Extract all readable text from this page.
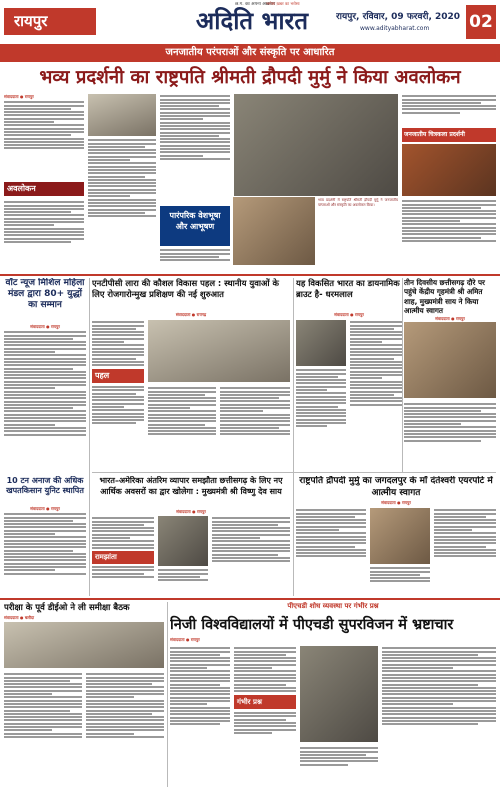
रायपुर
छ.ग. का अपना अख़बार
अदिति भारत
भरोसा ख़बर का भरोसा
रायपुर, रविवार, 09 फरवरी, 2020
www.adityabharat.com	02
जनजातीय परंपराओं और संस्कृति पर आधारित
भव्य प्रदर्शनी का राष्ट्रपति श्रीमती द्रौपदी मुर्मु ने किया अवलोकन
संवाददाता ● रायपुर
अवलोकन
पारंपरिक वेशभूषा और आभूषण
भव्य प्रदर्शनी में राष्ट्रपति श्रीमती द्रौपदी मुर्मु ने जनजातीय परंपराओं और संस्कृति का अवलोकन किया।
जनजातीय चित्रकला प्रदर्शनी
वॉट न्यूज मिशिल महिला मंडल द्वारा 80+ युद्धों का सम्मान
संवाददाता ● रायपुर
एनटीपीसी लारा की कौशल विकास पहल : स्थानीय युवाओं के लिए रोजगारोन्मुख प्रशिक्षण की नई शुरुआत
संवाददाता ● रायगढ़
पहल
यह विकसित भारत का डायनामिक ब्राउट है- धरमलाल
संवाददाता ● रायपुर
तीन दिवसीय छत्तीसगढ़ दौरे पर पहुंचे केंद्रीय गृहमंत्री श्री अमित शाह, मुख्यमंत्री साय ने किया आत्मीय स्वागत
संवाददाता ● रायपुर
10 टन अनाज की अधिक खपतकिसान युनिट स्थापित
संवाददाता ● रायपुर
भारत–अमेरिका अंतरिम व्यापार समझौता छत्तीसगढ़ के लिए नए आर्थिक अवसरों का द्वार खोलेगा : मुख्यमंत्री श्री विष्णु देव साय
संवाददाता ● रायपुर
रामझांता
राष्ट्रपति द्रौपदी मुर्मु का जगदलपुर के माँ दंतेश्वरी एयरपोर्ट में आत्मीय स्वागत
संवाददाता ● रायपुर
परीक्षा के पूर्व डीईओ ने ली समीक्षा बैठक
संवाददाता ● बलौदा
पीएचडी शोध व्यवस्था पर गंभीर प्रश्न
निजी विश्वविद्यालयों में पीएचडी सुपरविजन में भ्रष्टाचार
संवाददाता ● रायपुर
गंभीर प्रश्न
